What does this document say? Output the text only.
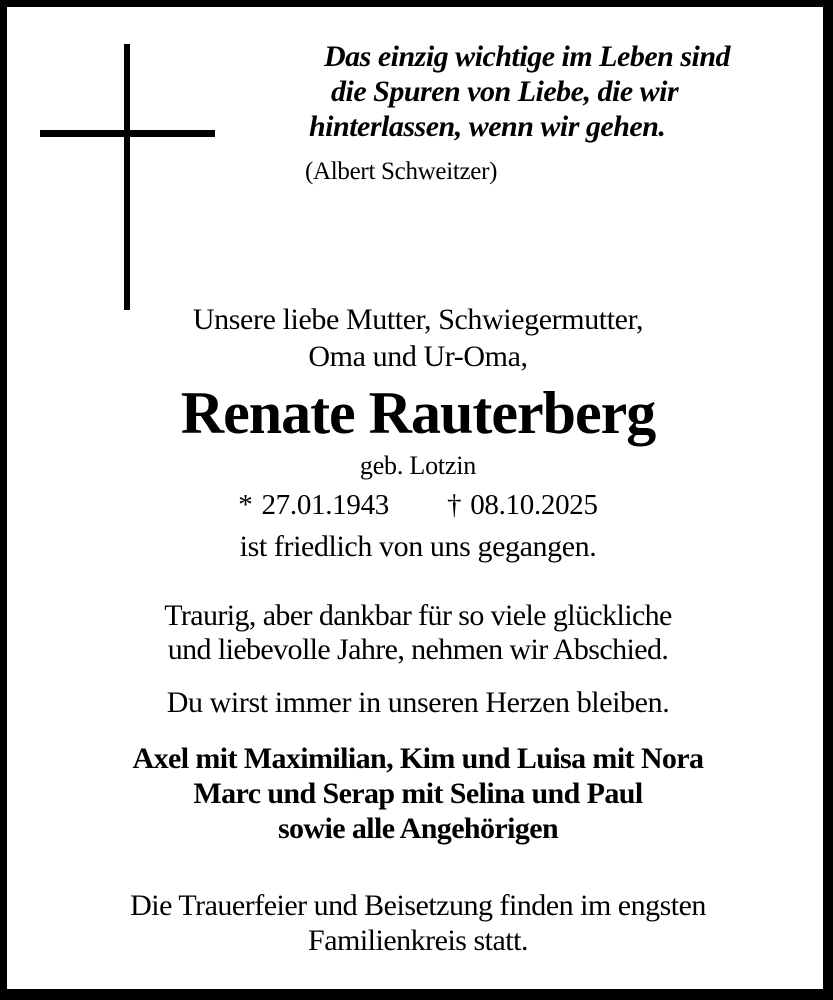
Das einzig wichtige im Leben sind
die Spuren von Liebe, die wir
hinterlassen, wenn wir gehen.
(Albert Schweitzer)
Unsere liebe Mutter, Schwiegermutter,
Oma und Ur-Oma,
Renate Rauterberg
geb. Lotzin
* 27.01.1943 † 08.10.2025
ist friedlich von uns gegangen.
Traurig, aber dankbar für so viele glückliche
und liebevolle Jahre, nehmen wir Abschied.
Du wirst immer in unseren Herzen bleiben.
Axel mit Maximilian, Kim und Luisa mit Nora
Marc und Serap mit Selina und Paul
sowie alle Angehörigen
Die Trauerfeier und Beisetzung finden im engsten
Familienkreis statt.
